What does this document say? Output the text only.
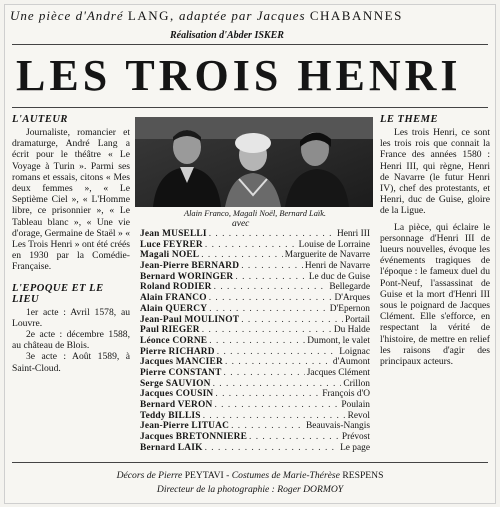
Une pièce d'André LANG, adaptée par Jacques CHABANNES
Réalisation d'Abder ISKER
LES TROIS HENRI
L'AUTEUR

Journaliste, romancier et dramaturge, André Lang a écrit pour le théâtre « Le Voyage à Turin ». Parmi ses romans et essais, citons « Mes deux femmes », « Le Septième Ciel », « L'Homme libre, ce prisonnier », « Le Tableau blanc », « Une vie d'orage, Germaine de Staël » « Les Trois Henri » ont été créés en 1930 par la Comédie-Française.

L'EPOQUE ET LE LIEU

1er acte : Avril 1578, au Louvre.

2e acte : décembre 1588, au château de Blois.

3e acte : Août 1589, à Saint-Cloud.

Alain Franco, Magali Noël, Bernard Laïk.
avec
Jean MUSELLI . . .	Henri III
Luce FEYRER . . .	Louise de Lorraine
Magali NOEL . . .	Marguerite de Navarre
Jean-Pierre BERNARD . . .	Henri de Navarre
Bernard WORINGER . . .	Le duc de Guise
Roland RODIER . . .	Bellegarde
Alain FRANCO . . .	D'Arques
Alain QUERCY . . .	D'Epernon
Jean-Paul MOULINOT . . .	Portail
Paul RIEGER . . .	Du Halde
Léonce CORNE . . .	Dumont, le valet
Pierre RICHARD . . .	Loignac
Jacques MANCIER . . .	d'Aumont
Pierre CONSTANT . . .	Jacques Clément
Serge SAUVION . . .	Crillon
Jacques COUSIN . . .	François d'O
Bernard VERON . . .	Poulain
Teddy BILLIS . . .	Revol
Jean-Pierre LITUAC . . .	Beauvais-Nangis
Jacques BRETONNIERE . . .	Prévost
Bernard LAIK . . .	Le page
LE THEME

Les trois Henri, ce sont les trois rois que connait la France des années 1580 : Henri III, qui règne, Henri de Navarre (le futur Henri IV), chef des protestants, et Henri, duc de Guise, gloire de la Ligue.

La pièce, qui éclaire le personnage d'Henri III de lueurs nouvelles, évoque les événements tragiques de l'époque : le fameux duel du Pont-Neuf, l'assassinat de Guise et la mort d'Henri III sous le poignard de Jacques Clément. Elle s'efforce, en respectant la vérité de l'histoire, de mettre en relief les raisons d'agir des principaux acteurs.

Décors de Pierre PEYTAVI - Costumes de Marie-Thérèse RESPENS
Directeur de la photographie : Roger DORMOY
